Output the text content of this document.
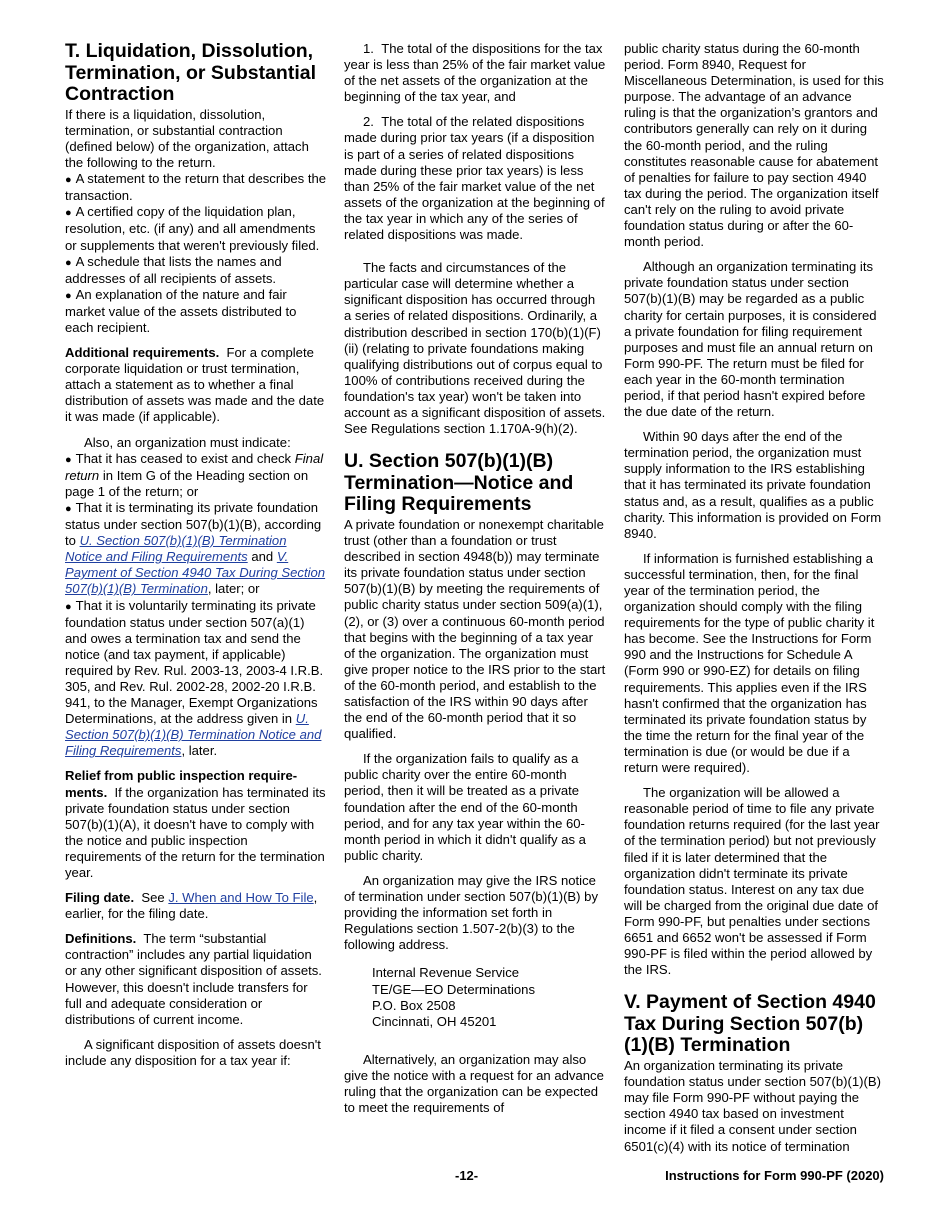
T. Liquidation, Dissolution, Termination, or Substantial Contraction

If there is a liquidation, dissolution, termination, or substantial contraction (defined below) of the organization, attach the following to the return.

● A statement to the return that describes the transaction.
● A certified copy of the liquidation plan, resolution, etc. (if any) and all amendments or supplements that weren't previously filed.
● A schedule that lists the names and addresses of all recipients of assets.
● An explanation of the nature and fair market value of the assets distributed to each recipient.

Additional requirements. For a complete corporate liquidation or trust termination, attach a statement as to whether a final distribution of assets was made and the date it was made (if applicable).

Also, an organization must indicate:

● That it has ceased to exist and check Final return in Item G of the Heading section on page 1 of the return; or
● That it is terminating its private foundation status under section 507(b)(1)(B), according to U. Section 507(b)(1)(B) Termination Notice and Filing Requirements and V. Payment of Section 4940 Tax During Section 507(b)(1)(B) Termination, later; or
● That it is voluntarily terminating its private foundation status under section 507(a)(1) and owes a termination tax and send the notice (and tax payment, if applicable) required by Rev. Rul. 2003-13, 2003-4 I.R.B. 305, and Rev. Rul. 2002-28, 2002-20 I.R.B. 941, to the Manager, Exempt Organizations Determinations, at the address given in U. Section 507(b)(1)(B) Termination Notice and Filing Requirements, later.

Relief from public inspection require-ments. If the organization has terminated its private foundation status under section 507(b)(1)(A), it doesn't have to comply with the notice and public inspection requirements of the return for the termination year.

Filing date. See J. When and How To File, earlier, for the filing date.

Definitions. The term “substantial contraction” includes any partial liquidation or any other significant disposition of assets. However, this doesn't include transfers for full and adequate consideration or distributions of current income.

A significant disposition of assets doesn't include any disposition for a tax year if:

1.  The total of the dispositions for the tax year is less than 25% of the fair market value of the net assets of the organization at the beginning of the tax year, and

2.  The total of the related dispositions made during prior tax years (if a disposition is part of a series of related dispositions made during these prior tax years) is less than 25% of the fair market value of the net assets of the organization at the beginning of the tax year in which any of the series of related dispositions was made.

The facts and circumstances of the particular case will determine whether a significant disposition has occurred through a series of related dispositions. Ordinarily, a distribution described in section 170(b)(1)(F)(ii) (relating to private foundations making qualifying distributions out of corpus equal to 100% of contributions received during the foundation's tax year) won't be taken into account as a significant disposition of assets. See Regulations section 1.170A-9(h)(2).

U. Section 507(b)(1)(B) Termination—Notice and Filing Requirements

A private foundation or nonexempt charitable trust (other than a foundation or trust described in section 4948(b)) may terminate its private foundation status under section 507(b)(1)(B) by meeting the requirements of public charity status under section 509(a)(1), (2), or (3) over a continuous 60-month period that begins with the beginning of a tax year of the organization. The organization must give proper notice to the IRS prior to the start of the 60-month period, and establish to the satisfaction of the IRS within 90 days after the end of the 60-month period that it so qualified.

If the organization fails to qualify as a public charity over the entire 60-month period, then it will be treated as a private foundation after the end of the 60-month period, and for any tax year within the 60-month period in which it didn't qualify as a public charity.

An organization may give the IRS notice of termination under section 507(b)(1)(B) by providing the information set forth in Regulations section 1.507-2(b)(3) to the following address.

Internal Revenue Service
TE/GE—EO Determinations
P.O. Box 2508
Cincinnati, OH 45201

Alternatively, an organization may also give the notice with a request for an advance ruling that the organization can be expected to meet the requirements of

public charity status during the 60-month period. Form 8940, Request for Miscellaneous Determination, is used for this purpose. The advantage of an advance ruling is that the organization’s grantors and contributors generally can rely on it during the 60-month period, and the ruling constitutes reasonable cause for abatement of penalties for failure to pay section 4940 tax during the period. The organization itself can't rely on the ruling to avoid private foundation status during or after the 60-month period.

Although an organization terminating its private foundation status under section 507(b)(1)(B) may be regarded as a public charity for certain purposes, it is considered a private foundation for filing requirement purposes and must file an annual return on Form 990-PF. The return must be filed for each year in the 60-month termination period, if that period hasn't expired before the due date of the return.

Within 90 days after the end of the termination period, the organization must supply information to the IRS establishing that it has terminated its private foundation status and, as a result, qualifies as a public charity. This information is provided on Form 8940.

If information is furnished establishing a successful termination, then, for the final year of the termination period, the organization should comply with the filing requirements for the type of public charity it has become. See the Instructions for Form 990 and the Instructions for Schedule A (Form 990 or 990-EZ) for details on filing requirements. This applies even if the IRS hasn't confirmed that the organization has terminated its private foundation status by the time the return for the final year of the termination is due (or would be due if a return were required).

The organization will be allowed a reasonable period of time to file any private foundation returns required (for the last year of the termination period) but not previously filed if it is later determined that the organization didn't terminate its private foundation status. Interest on any tax due will be charged from the original due date of Form 990-PF, but penalties under sections 6651 and 6652 won't be assessed if Form 990-PF is filed within the period allowed by the IRS.

V. Payment of Section 4940 Tax During Section 507(b)(1)(B) Termination

An organization terminating its private foundation status under section 507(b)(1)(B) may file Form 990-PF without paying the section 4940 tax based on investment income if it filed a consent under section 6501(c)(4) with its notice of termination

-12-	Instructions for Form 990-PF (2020)
